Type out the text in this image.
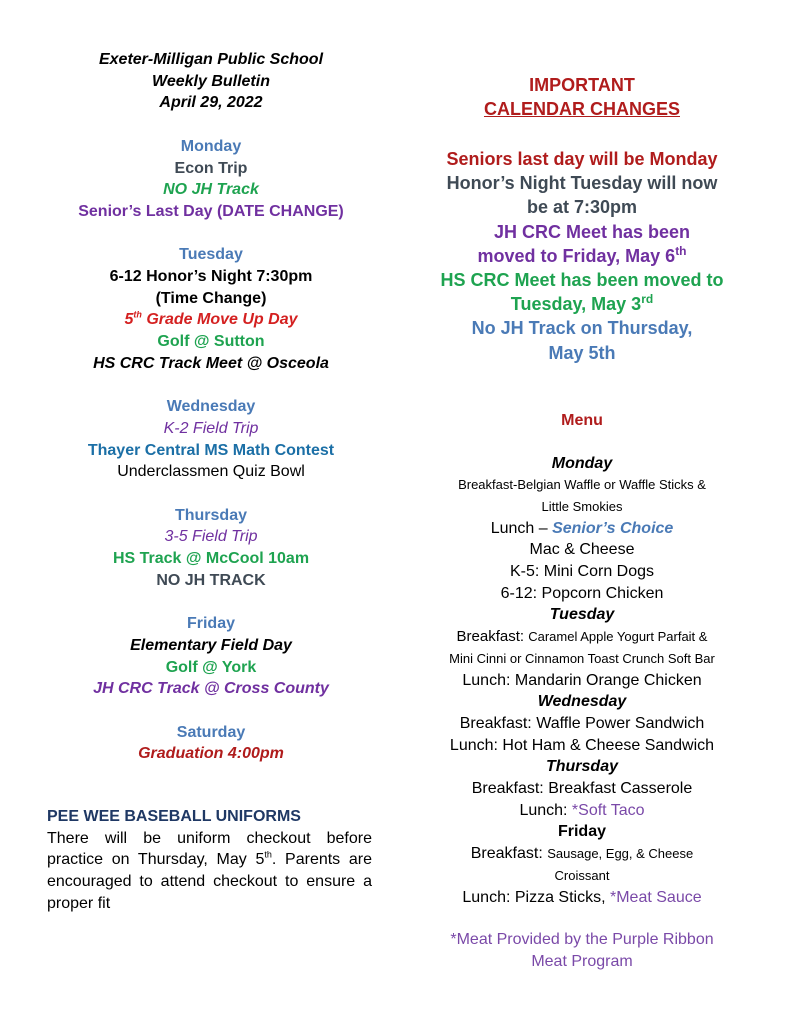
Exeter-Milligan Public School
Weekly Bulletin
April 29, 2022
Monday
Econ Trip
NO JH Track
Senior’s Last Day (DATE CHANGE)
Tuesday
6-12 Honor’s Night 7:30pm
(Time Change)
5th Grade Move Up Day
Golf @ Sutton
HS CRC Track Meet @ Osceola
Wednesday
K-2 Field Trip
Thayer Central MS Math Contest
Underclassmen Quiz Bowl
Thursday
3-5 Field Trip
HS Track @ McCool 10am
NO JH TRACK
Friday
Elementary Field Day
Golf @ York
JH CRC Track @ Cross County
Saturday
Graduation 4:00pm
PEE WEE BASEBALL UNIFORMS
There will be uniform checkout before practice on Thursday, May 5th. Parents are encouraged to attend checkout to ensure a proper fit
IMPORTANT
CALENDAR CHANGES
Seniors last day will be Monday
Honor’s Night Tuesday will now
be at 7:30pm
JH CRC Meet has been
moved to Friday, May 6th
HS CRC Meet has been moved to
Tuesday, May 3rd
No JH Track on Thursday,
May 5th
Menu
Monday
Breakfast-Belgian Waffle or Waffle Sticks &
Little Smokies
Lunch – Senior’s Choice
Mac & Cheese
K-5: Mini Corn Dogs
6-12: Popcorn Chicken
Tuesday
Breakfast: Caramel Apple Yogurt Parfait &
Mini Cinni or Cinnamon Toast Crunch Soft Bar
Lunch: Mandarin Orange Chicken
Wednesday
Breakfast: Waffle Power Sandwich
Lunch: Hot Ham & Cheese Sandwich
Thursday
Breakfast: Breakfast Casserole
Lunch: *Soft Taco
Friday
Breakfast: Sausage, Egg, & Cheese
Croissant
Lunch: Pizza Sticks, *Meat Sauce
*Meat Provided by the Purple Ribbon
Meat Program
